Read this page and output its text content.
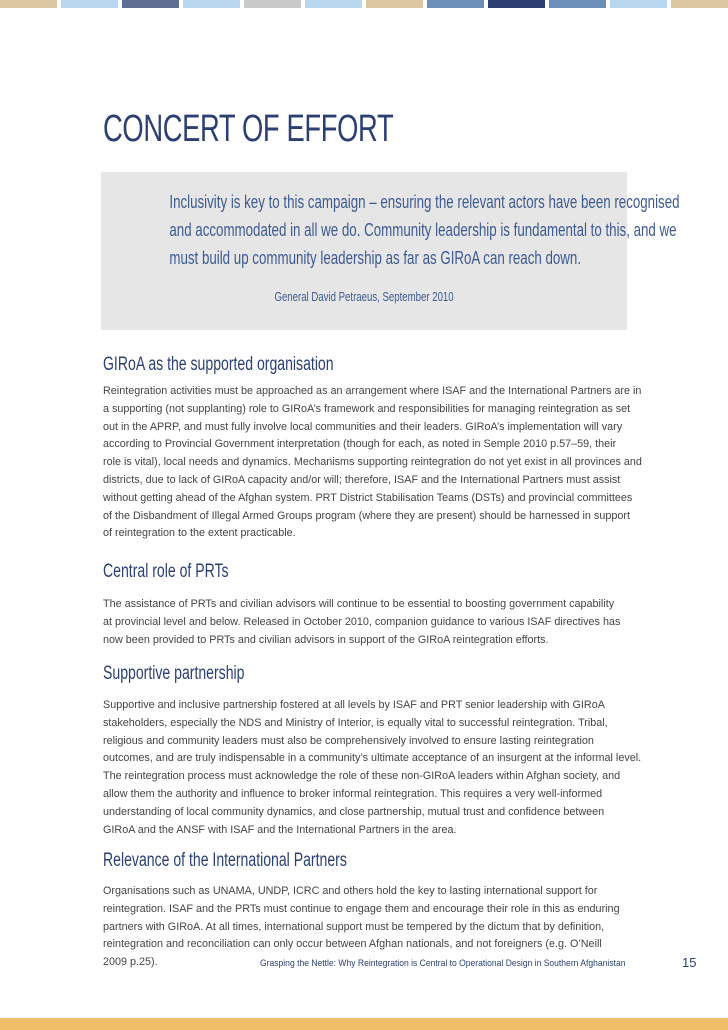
CONCERT OF EFFORT
Inclusivity is key to this campaign – ensuring the relevant actors have been recognised
and accommodated in all we do. Community leadership is fundamental to this, and we
must build up community leadership as far as GIRoA can reach down.
General David Petraeus, September 2010
GIRoA as the supported organisation
Reintegration activities must be approached as an arrangement where ISAF and the International Partners are in
a supporting (not supplanting) role to GIRoA’s framework and responsibilities for managing reintegration as set
out in the APRP, and must fully involve local communities and their leaders. GIRoA’s implementation will vary
according to Provincial Government interpretation (though for each, as noted in Semple 2010 p.57–59, their
role is vital), local needs and dynamics. Mechanisms supporting reintegration do not yet exist in all provinces and
districts, due to lack of GIRoA capacity and/or will; therefore, ISAF and the International Partners must assist
without getting ahead of the Afghan system. PRT District Stabilisation Teams (DSTs) and provincial committees
of the Disbandment of Illegal Armed Groups program (where they are present) should be harnessed in support
of reintegration to the extent practicable.
Central role of PRTs
The assistance of PRTs and civilian advisors will continue to be essential to boosting government capability
at provincial level and below. Released in October 2010, companion guidance to various ISAF directives has
now been provided to PRTs and civilian advisors in support of the GIRoA reintegration efforts.
Supportive partnership
Supportive and inclusive partnership fostered at all levels by ISAF and PRT senior leadership with GIRoA
stakeholders, especially the NDS and Ministry of Interior, is equally vital to successful reintegration. Tribal,
religious and community leaders must also be comprehensively involved to ensure lasting reintegration
outcomes, and are truly indispensable in a community’s ultimate acceptance of an insurgent at the informal level.
The reintegration process must acknowledge the role of these non-GIRoA leaders within Afghan society, and
allow them the authority and influence to broker informal reintegration. This requires a very well-informed
understanding of local community dynamics, and close partnership, mutual trust and confidence between
GIRoA and the ANSF with ISAF and the International Partners in the area.
Relevance of the International Partners
Organisations such as UNAMA, UNDP, ICRC and others hold the key to lasting international support for
reintegration. ISAF and the PRTs must continue to engage them and encourage their role in this as enduring
partners with GIRoA. At all times, international support must be tempered by the dictum that by definition,
reintegration and reconciliation can only occur between Afghan nationals, and not foreigners (e.g. O’Neill
2009 p.25).	Grasping the Nettle: Why Reintegration is Central to Operational Design in Southern Afghanistan	15
